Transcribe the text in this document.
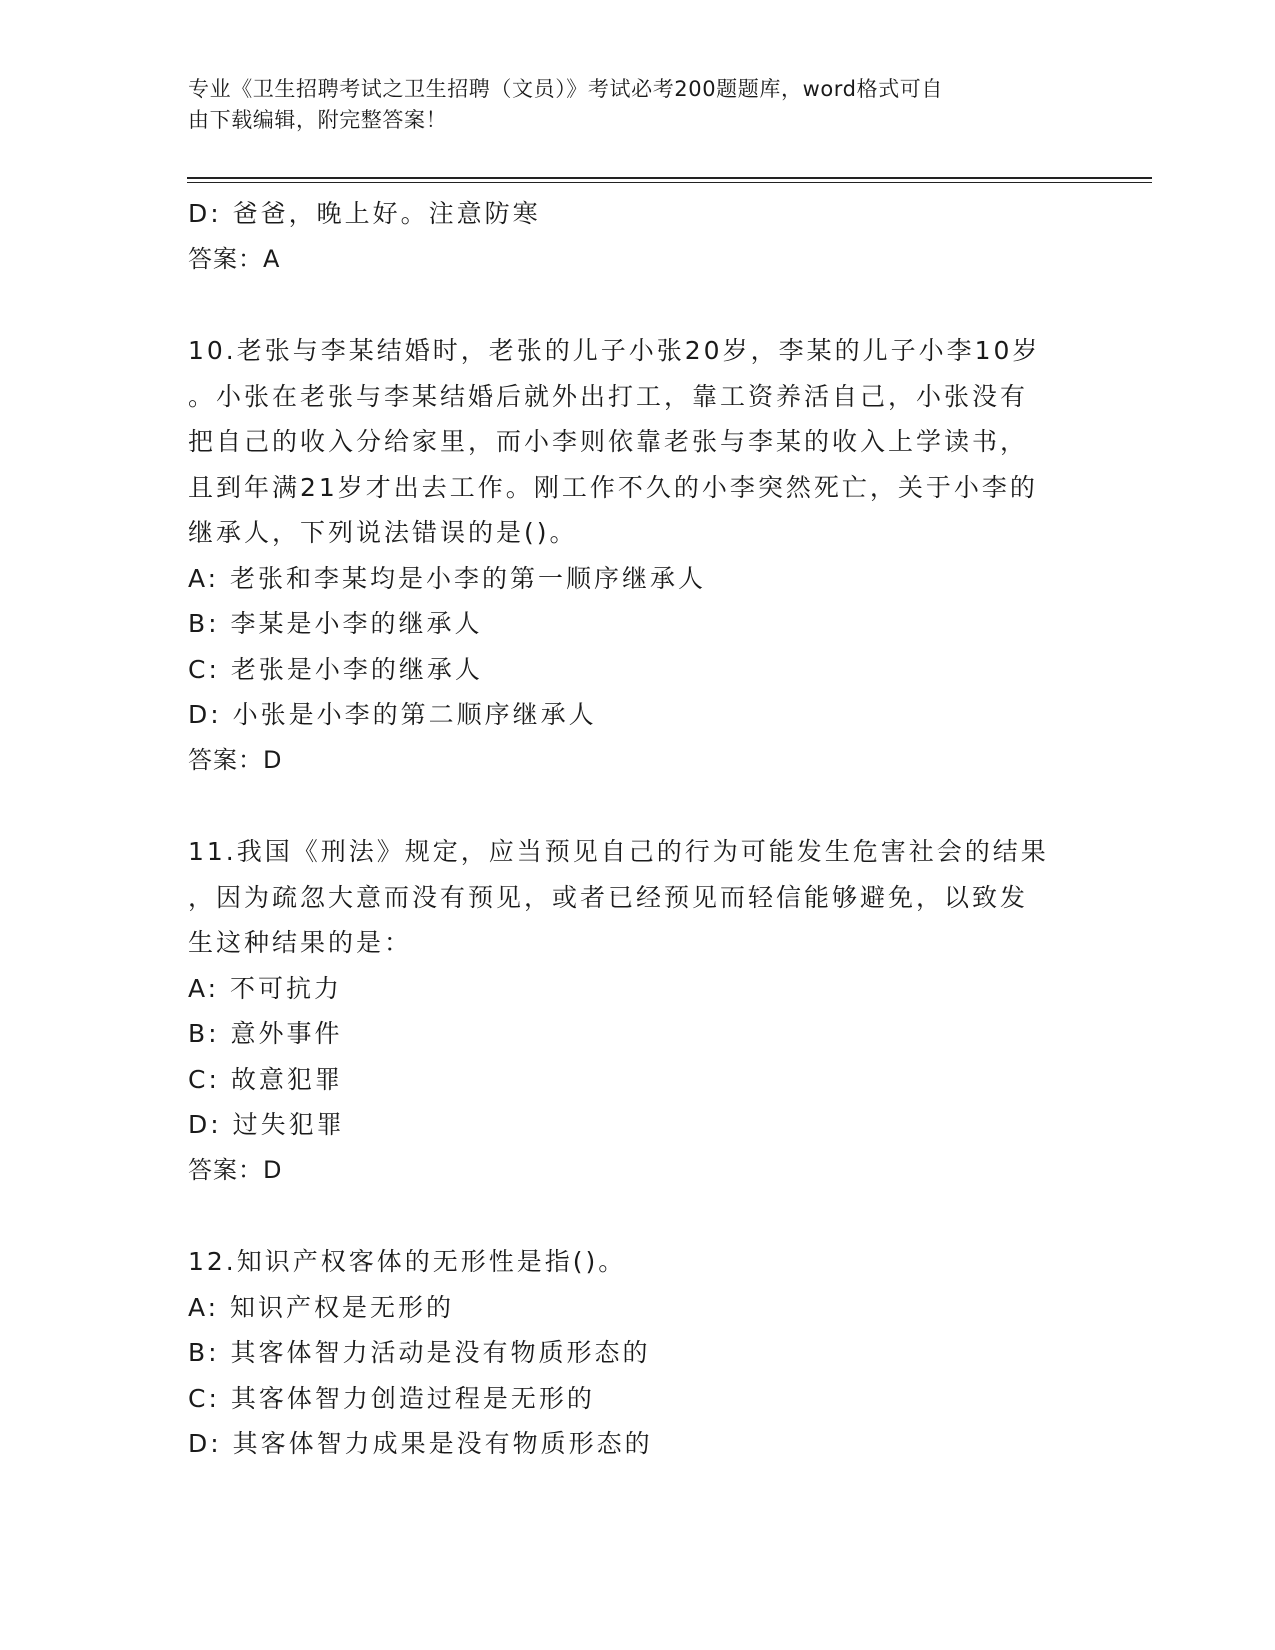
专业《卫生招聘考试之卫生招聘（文员）》考试必考200题题库，word格式可自
由下载编辑，附完整答案！
D: 爸爸，晚上好。注意防寒
答案：A
10.老张与李某结婚时，老张的儿子小张20岁，李某的儿子小李10岁
。小张在老张与李某结婚后就外出打工，靠工资养活自己，小张没有
把自己的收入分给家里，而小李则依靠老张与李某的收入上学读书，
且到年满21岁才出去工作。刚工作不久的小李突然死亡，关于小李的
继承人，下列说法错误的是()。
A: 老张和李某均是小李的第一顺序继承人
B: 李某是小李的继承人
C: 老张是小李的继承人
D: 小张是小李的第二顺序继承人
答案：D
11.我国《刑法》规定，应当预见自己的行为可能发生危害社会的结果
，因为疏忽大意而没有预见，或者已经预见而轻信能够避免，以致发
生这种结果的是：
A: 不可抗力
B: 意外事件
C: 故意犯罪
D: 过失犯罪
答案：D
12.知识产权客体的无形性是指()。
A: 知识产权是无形的
B: 其客体智力活动是没有物质形态的
C: 其客体智力创造过程是无形的
D: 其客体智力成果是没有物质形态的
